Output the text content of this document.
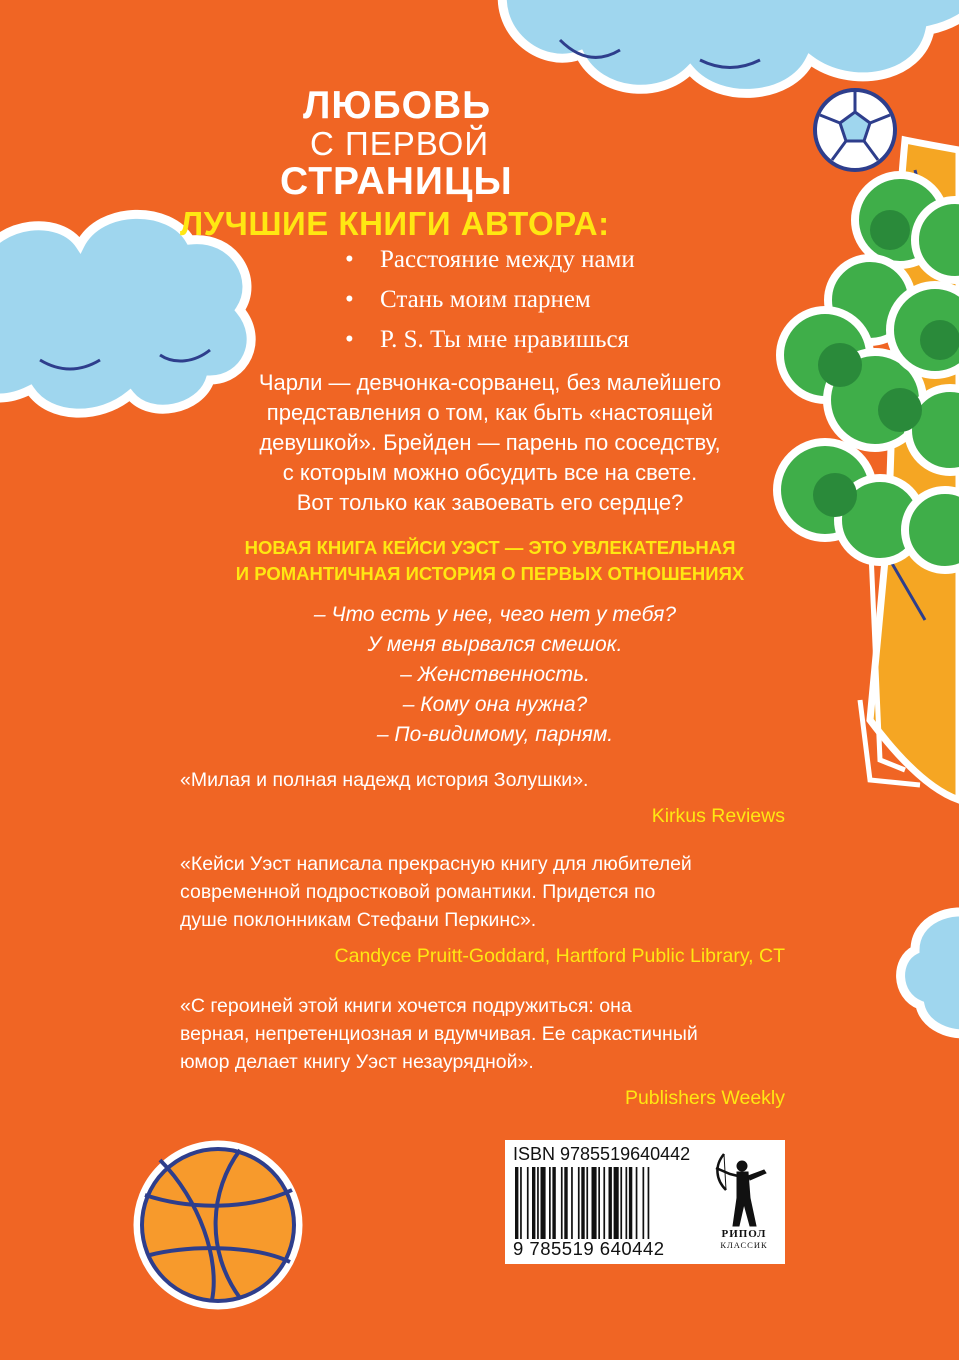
ЛЮБОВЬ
С ПЕРВОЙ
СТРАНИЦЫ
ЛУЧШИЕ КНИГИ АВТОРА:
• Расстояние между нами
• Стань моим парнем
• P. S. Ты мне нравишься
Чарли — девчонка-сорванец, без малейшего
представления о том, как быть «настоящей
девушкой». Брейден — парень по соседству,
с которым можно обсудить все на свете.
Вот только как завоевать его сердце?
НОВАЯ КНИГА КЕЙСИ УЭСТ — ЭТО УВЛЕКАТЕЛЬНАЯ
И РОМАНТИЧНАЯ ИСТОРИЯ О ПЕРВЫХ ОТНОШЕНИЯХ
– Что есть у нее, чего нет у тебя?
У меня вырвался смешок.
– Женственность.
– Кому она нужна?
– По-видимому, парням.
«Милая и полная надежд история Золушки».
Kirkus Reviews
«Кейси Уэст написала прекрасную книгу для любителей
современной подростковой романтики. Придется по
душе поклонникам Стефани Перкинс».
Candyce Pruitt-Goddard, Hartford Public Library, CT
«С героиней этой книги хочется подружиться: она
верная, непретенциозная и вдумчивая. Ее саркастичный
юмор делает книгу Уэст незаурядной».
Publishers Weekly
ISBN 9785519640442
9 785519 640442
РИПОЛ
КЛАССИК
